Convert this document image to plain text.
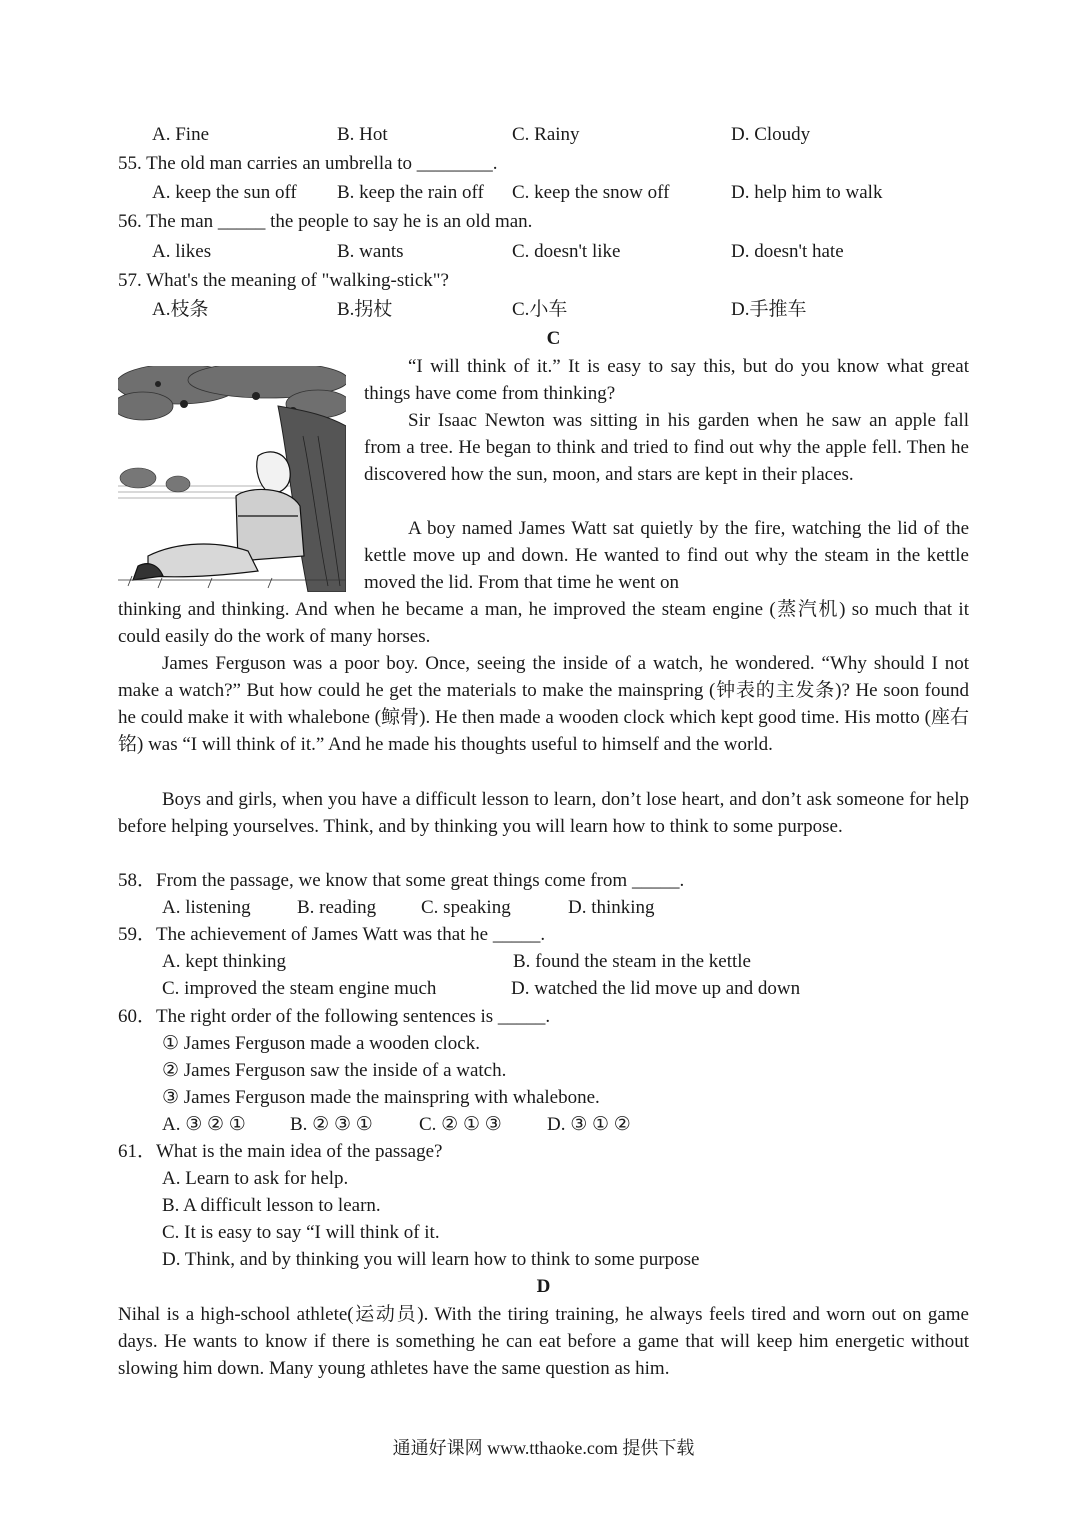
A. Fine	B. Hot	C. Rainy	D. Cloudy
55. The old man carries an umbrella to ________.
A. keep the sun off B. keep the rain off C. keep the snow off	D. help him to walk
56. The man _____ the people to say he is an old man.
A. likes	B. wants	C. doesn't like	D. doesn't hate
57. What's the meaning of "walking-stick"?
A.枝条	B.拐杖	C.小车	D.手推车
C
“I will think of it.” It is easy to say this, but do you know what great things have come from thinking?
Sir Isaac Newton was sitting in his garden when he saw an apple fall from a tree. He began to think and tried to find out why the apple fell. Then he discovered how the sun, moon, and stars are kept in their places.
A boy named James Watt sat quietly by the fire, watching the lid of the kettle move up and down. He wanted to find out why the steam in the kettle moved the lid. From that time he went on
thinking and thinking. And when he became a man, he improved the steam engine (蒸汽机) so much that it could easily do the work of many horses.
James Ferguson was a poor boy. Once, seeing the inside of a watch, he wondered. “Why should I not make a watch?” But how could he get the materials to make the mainspring (钟表的主发条)? He soon found he could make it with whalebone (鲸骨). He then made a wooden clock which kept good time. His motto (座右铭) was “I will think of it.” And he made his thoughts useful to himself and the world.
Boys and girls, when you have a difficult lesson to learn, don’t lose heart, and don’t ask someone for help before helping yourselves. Think, and by thinking you will learn how to think to some purpose.
58．From the passage, we know that some great things come from _____.
A. listening B. reading C. speaking	D. thinking
59．The achievement of James Watt was that he _____.
A. kept thinking	B. found the steam in the kettle
C. improved the steam engine much	D. watched the lid move up and down
60．The right order of the following sentences is _____.
① James Ferguson made a wooden clock.
② James Ferguson saw the inside of a watch.
③ James Ferguson made the mainspring with whalebone.
A. ③ ② ① B. ② ③ ① C. ② ① ③ D. ③ ① ②
61．What is the main idea of the passage?
A. Learn to ask for help.
B. A difficult lesson to learn.
C. It is easy to say “I will think of it.
D. Think, and by thinking you will learn how to think to some purpose
D
Nihal is a high-school athlete(运动员). With the tiring training, he always feels tired and worn out on game days. He wants to know if there is something he can eat before a game that will keep him energetic without slowing him down. Many young athletes have the same question as him.
通通好课网 www.tthaoke.com 提供下载
